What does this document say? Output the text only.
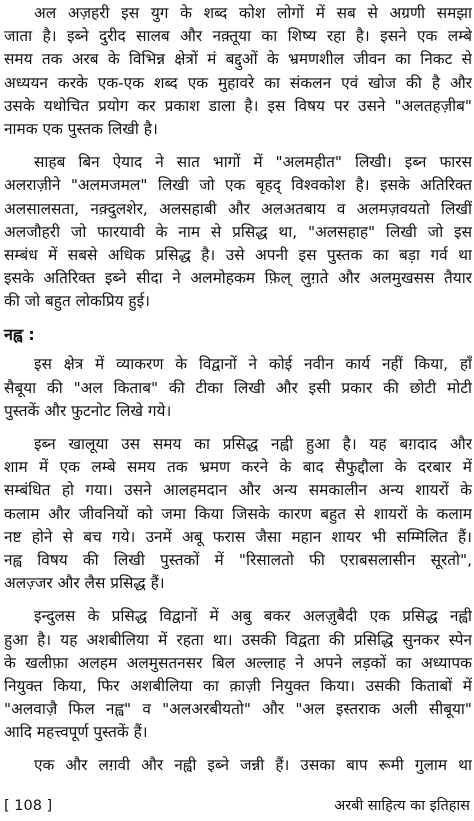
अल अज़हरी इस युग के शब्द कोश लोगों में सब से अग्रणी समझा
जाता है। इब्ने दुरीद सालब और नक़्तूया का शिष्य रहा है। इसने एक लम्बे
समय तक अरब के विभिन्न क्षेत्रों मं बद्दुओं के भ्रमणशील जीवन का निकट से
अध्ययन करके एक-एक शब्द एक मुहावरे का संकलन एवं खोज की है और
उसके यथोचित प्रयोग कर प्रकाश डाला है। इस विषय पर उसने "अलतहज़ीब"
नामक एक पुस्तक लिखी है।
साहब बिन ऐयाद ने सात भागों में "अलमहीत" लिखी। इब्न फारस
अलराज़ीने "अलमजमल" लिखी जो एक बृहद् विश्वकोश है। इसके अतिरिक्त
अलसालसता, नक़्दुलशेर, अलसहाबी और अलअतबाय व अलमज़वयतो लिखीं
अलजौहरी जो फारयावी के नाम से प्रसिद्ध था, "अलसहाह" लिखी जो इस
सम्बंध में सबसे अधिक प्रसिद्ध है। उसे अपनी इस पुस्तक का बड़ा गर्व था
इसके अतिरिक्त इब्ने सीदा ने अलमोहकम फ़िल् लुग़ते और अलमुखसस तैयार
की जो बहुत लोकप्रिय हुई।
नह्व :
इस क्षेत्र में व्याकरण के विद्वानों ने कोई नवीन कार्य नहीं किया, हाँ
सैबूया की "अल किताब" की टीका लिखी और इसी प्रकार की छोटी मोटी
पुस्तकें और फुटनोट लिखे गये।
इब्न खालूया उस समय का प्रसिद्ध नह्वी हुआ है। यह बग़दाद और
शाम में एक लम्बे समय तक भ्रमण करने के बाद सैफुद्दौला के दरबार में
सम्बंधित हो गया। उसने आलहमदान और अन्य समकालीन अन्य शायरों के
कलाम और जीवनियों को जमा किया जिसके कारण बहुत से शायरों के कलाम
नष्ट होने से बच गये। उनमें अबू फरास जैसा महान शायर भी सम्मिलित हैं।
नह्व विषय की लिखी पुस्तकों में "रिसालतो फी एराबसलासीन सूरतो",
अलज़्जर और लैस प्रसिद्ध हैं।
इन्दुलस के प्रसिद्ध विद्वानों में अबु बकर अलज़ुबैदी एक प्रसिद्ध नह्वी
हुआ है। यह अशबीलिया में रहता था। उसकी विद्वता की प्रसिद्धि सुनकर स्पेन
के खलीफ़ा अलहम अलमुसतनसर बिल अल्लाह ने अपने लड़कों का अध्यापक
नियुक्त किया, फिर अशबीलिया का क़ाज़ी नियुक्त किया। उसकी किताबों में
"अलवाज़ै फिल नह्व" व "अलअरबीयतो" और "अल इस्तराक अली सीबूया"
आदि महत्त्वपूर्ण पुस्तकें हैं।
एक और लग़वी और नह्वी इब्ने जन्नी हैं। उसका बाप रूमी गुलाम था
[ 108 ]	अरबी साहित्य का इतिहास
